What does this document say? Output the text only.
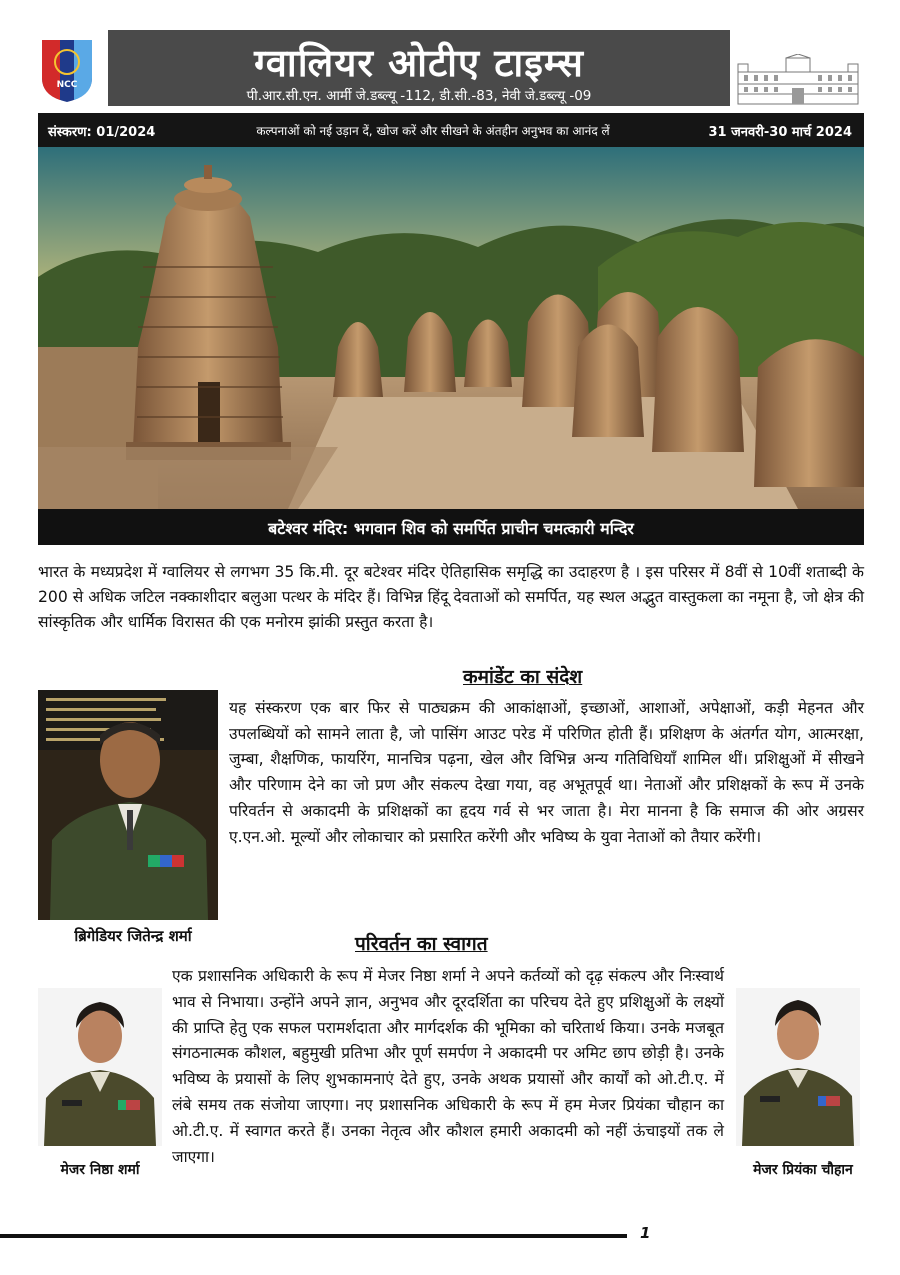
NCC	ग्वालियर ओटीए टाइम्स
पी.आर.सी.एन. आर्मी जे.डब्ल्यू -112, डी.सी.-83, नेवी जे.डब्ल्यू -09
संस्करण: 01/2024	कल्पनाओं को नई उड़ान दें, खोज करें और सीखने के अंतहीन अनुभव का आनंद लें	31 जनवरी-30 मार्च 2024
बटेश्वर मंदिर: भगवान शिव को समर्पित प्राचीन चमत्कारी मन्दिर
भारत के मध्यप्रदेश में ग्वालियर से लगभग 35 कि.मी. दूर बटेश्वर मंदिर ऐतिहासिक समृद्धि का उदाहरण है । इस परिसर में 8वीं से 10वीं शताब्दी के 200 से अधिक जटिल नक्काशीदार बलुआ पत्थर के मंदिर हैं। विभिन्न हिंदू देवताओं को समर्पित, यह स्थल अद्भुत वास्तुकला का नमूना है, जो क्षेत्र की सांस्कृतिक और धार्मिक विरासत की एक मनोरम झांकी प्रस्तुत करता है।
कमांडेंट का संदेश
ब्रिगेडियर जितेन्द्र शर्मा
यह संस्करण एक बार फिर से पाठ्यक्रम की आकांक्षाओं, इच्छाओं, आशाओं, अपेक्षाओं, कड़ी मेहनत और उपलब्धियों को सामने लाता है, जो पासिंग आउट परेड में परिणित होती हैं। प्रशिक्षण के अंतर्गत योग, आत्मरक्षा, जुम्बा, शैक्षणिक, फायरिंग, मानचित्र पढ़ना, खेल और विभिन्न अन्य गतिविधियाँ शामिल थीं। प्रशिक्षुओं में सीखने और परिणाम देने का जो प्रण और संकल्प देखा गया, वह अभूतपूर्व था। नेताओं और प्रशिक्षकों के रूप में उनके परिवर्तन से अकादमी के प्रशिक्षकों का हृदय गर्व से भर जाता है। मेरा मानना है कि समाज की ओर अग्रसर ए.एन.ओ. मूल्यों और लोकाचार को प्रसारित करेंगी और भविष्य के युवा नेताओं को तैयार करेंगी।
परिवर्तन का स्वागत
एक प्रशासनिक अधिकारी के रूप में मेजर निष्ठा शर्मा ने अपने कर्तव्यों को दृढ़ संकल्प और निःस्वार्थ भाव से निभाया। उन्होंने अपने ज्ञान, अनुभव और दूरदर्शिता का परिचय देते हुए प्रशिक्षुओं के लक्ष्यों की प्राप्ति हेतु एक सफल परामर्शदाता और मार्गदर्शक की भूमिका को चरितार्थ किया। उनके मजबूत संगठनात्मक कौशल, बहुमुखी प्रतिभा और पूर्ण समर्पण ने अकादमी पर अमिट छाप छोड़ी है। उनके भविष्य के प्रयासों के लिए शुभकामनाएं देते हुए, उनके अथक प्रयासों और कार्यों को ओ.टी.ए. में लंबे समय तक संजोया जाएगा। नए प्रशासनिक अधिकारी के रूप में हम मेजर प्रियंका चौहान का ओ.टी.ए. में स्वागत करते हैं। उनका नेतृत्व और कौशल हमारी अकादमी को नहीं ऊंचाइयों तक ले जाएगा।
मेजर निष्ठा शर्मा	मेजर प्रियंका चौहान
1
